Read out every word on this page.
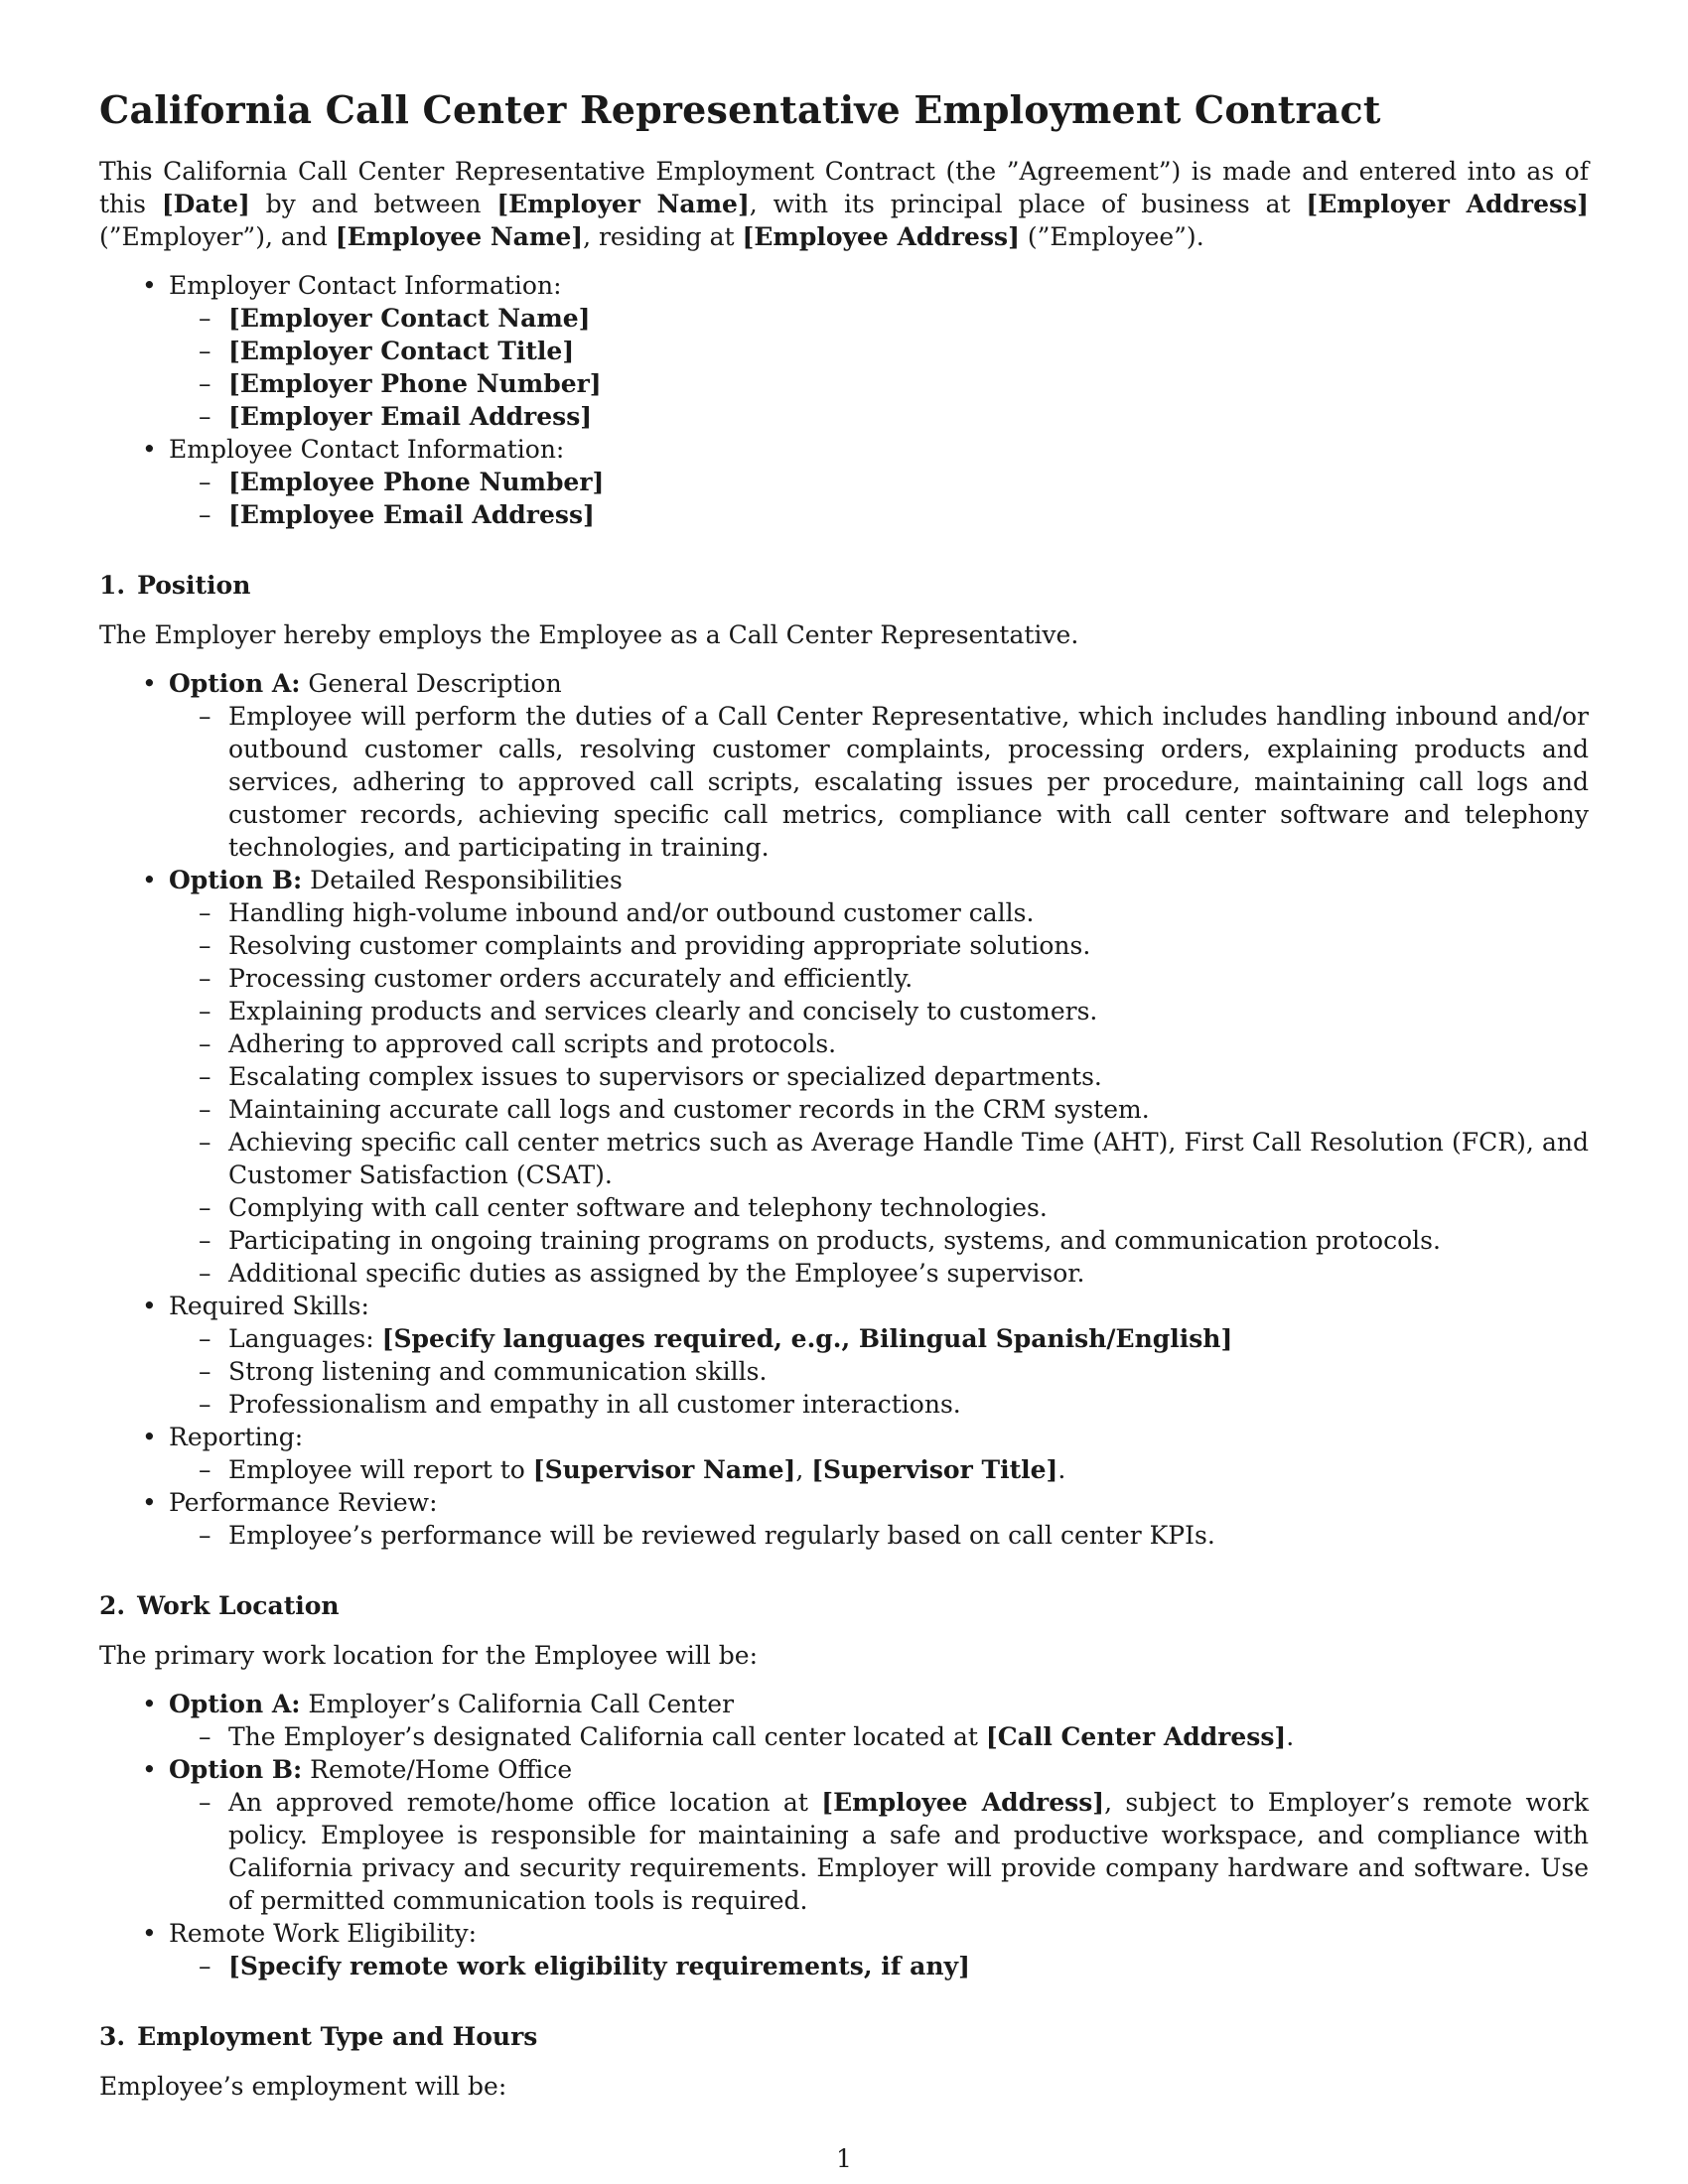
California Call Center Representative Employment Contract

This California Call Center Representative Employment Contract (the ”Agreement”) is made and entered into as of this [Date] by and between [Employer Name], with its principal place of business at [Employer Address] (”Employer”), and [Employee Name], residing at [Employee Address] (”Employee”).

• Employer Contact Information:
– [Employer Contact Name]
– [Employer Contact Title]
– [Employer Phone Number]
– [Employer Email Address]
• Employee Contact Information:
– [Employee Phone Number]
– [Employee Email Address]
1. Position

The Employer hereby employs the Employee as a Call Center Representative.

• Option A: General Description
– Employee will perform the duties of a Call Center Representative, which includes handling inbound and/or outbound customer calls, resolving customer complaints, processing orders, explaining products and services, adhering to approved call scripts, escalating issues per procedure, maintaining call logs and customer records, achieving specific call metrics, compliance with call center software and telephony technologies, and participating in training.
• Option B: Detailed Responsibilities
– Handling high-volume inbound and/or outbound customer calls.
– Resolving customer complaints and providing appropriate solutions.
– Processing customer orders accurately and efficiently.
– Explaining products and services clearly and concisely to customers.
– Adhering to approved call scripts and protocols.
– Escalating complex issues to supervisors or specialized departments.
– Maintaining accurate call logs and customer records in the CRM system.
– Achieving specific call center metrics such as Average Handle Time (AHT), First Call Resolution (FCR), and Customer Satisfaction (CSAT).
– Complying with call center software and telephony technologies.
– Participating in ongoing training programs on products, systems, and communication protocols.
– Additional specific duties as assigned by the Employee’s supervisor.
• Required Skills:
– Languages: [Specify languages required, e.g., Bilingual Spanish/English]
– Strong listening and communication skills.
– Professionalism and empathy in all customer interactions.
• Reporting:
– Employee will report to [Supervisor Name], [Supervisor Title].
• Performance Review:
– Employee’s performance will be reviewed regularly based on call center KPIs.
2. Work Location

The primary work location for the Employee will be:

• Option A: Employer’s California Call Center
– The Employer’s designated California call center located at [Call Center Address].
• Option B: Remote/Home Office
– An approved remote/home office location at [Employee Address], subject to Employer’s remote work policy. Employee is responsible for maintaining a safe and productive workspace, and compliance with California privacy and security requirements. Employer will provide company hardware and software. Use of permitted communication tools is required.
• Remote Work Eligibility:
– [Specify remote work eligibility requirements, if any]
3. Employment Type and Hours

Employee’s employment will be:

1
